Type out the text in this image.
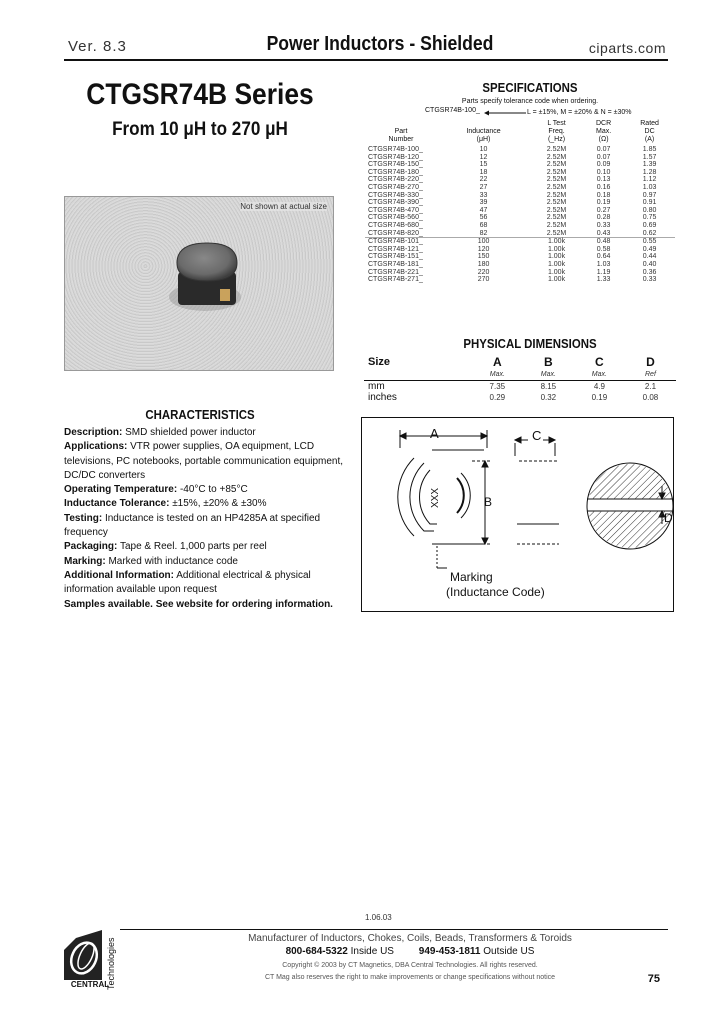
Ver. 8.3	Power Inductors - Shielded	ciparts.com
CTGSR74B Series
From 10 μH to 270 μH
Not shown at actual size
SPECIFICATIONS
Parts specify tolerance code when ordering.
CTGSR74B-100_	L = ±15%, M = ±20% & N = ±30%
Part
Number	Inductance
(μH)	L Test
Freq.
(_Hz)	DCR
Max.
(Ω)	Rated
DC
(A)
CTGSR74B-100_	10	2.52M	0.07	1.85
CTGSR74B-120_	12	2.52M	0.07	1.57
CTGSR74B-150_	15	2.52M	0.09	1.39
CTGSR74B-180_	18	2.52M	0.10	1.28
CTGSR74B-220_	22	2.52M	0.13	1.12
CTGSR74B-270_	27	2.52M	0.16	1.03
CTGSR74B-330_	33	2.52M	0.18	0.97
CTGSR74B-390_	39	2.52M	0.19	0.91
CTGSR74B-470_	47	2.52M	0.27	0.80
CTGSR74B-560_	56	2.52M	0.28	0.75
CTGSR74B-680_	68	2.52M	0.33	0.69
CTGSR74B-820_	82	2.52M	0.43	0.62
CTGSR74B-101_	100	1.00k	0.48	0.55
CTGSR74B-121_	120	1.00k	0.58	0.49
CTGSR74B-151_	150	1.00k	0.64	0.44
CTGSR74B-181_	180	1.00k	1.03	0.40
CTGSR74B-221_	220	1.00k	1.19	0.36
CTGSR74B-271_	270	1.00k	1.33	0.33
PHYSICAL DIMENSIONS
Size	A	B	C	D
	Max.	Max.	Max.	Ref
mm	7.35	8.15	4.9	2.1
inches	0.29	0.32	0.19	0.08
A
B
C
D
XXX
Marking
(Inductance Code)
CHARACTERISTICS

Description: SMD shielded power inductor

Applications: VTR power supplies, OA equipment, LCD televisions, PC notebooks, portable communication equipment, DC/DC converters

Operating Temperature: -40°C to +85°C

Inductance Tolerance: ±15%, ±20% & ±30%

Testing: Inductance is tested on an HP4285A at specified frequency

Packaging: Tape & Reel. 1,000 parts per reel

Marking: Marked with inductance code

Additional Information: Additional electrical & physical information available upon request

Samples available. See website for ordering information.

1.06.03
CENTRAL
Technologies	Manufacturer of Inductors, Chokes, Coils, Beads, Transformers & Toroids
800-684-5322 Inside US 949-453-1811 Outside US
Copyright © 2003 by CT Magnetics, DBA Central Technologies. All rights reserved.
CT Mag also reserves the right to make improvements or change specifications without notice	75
